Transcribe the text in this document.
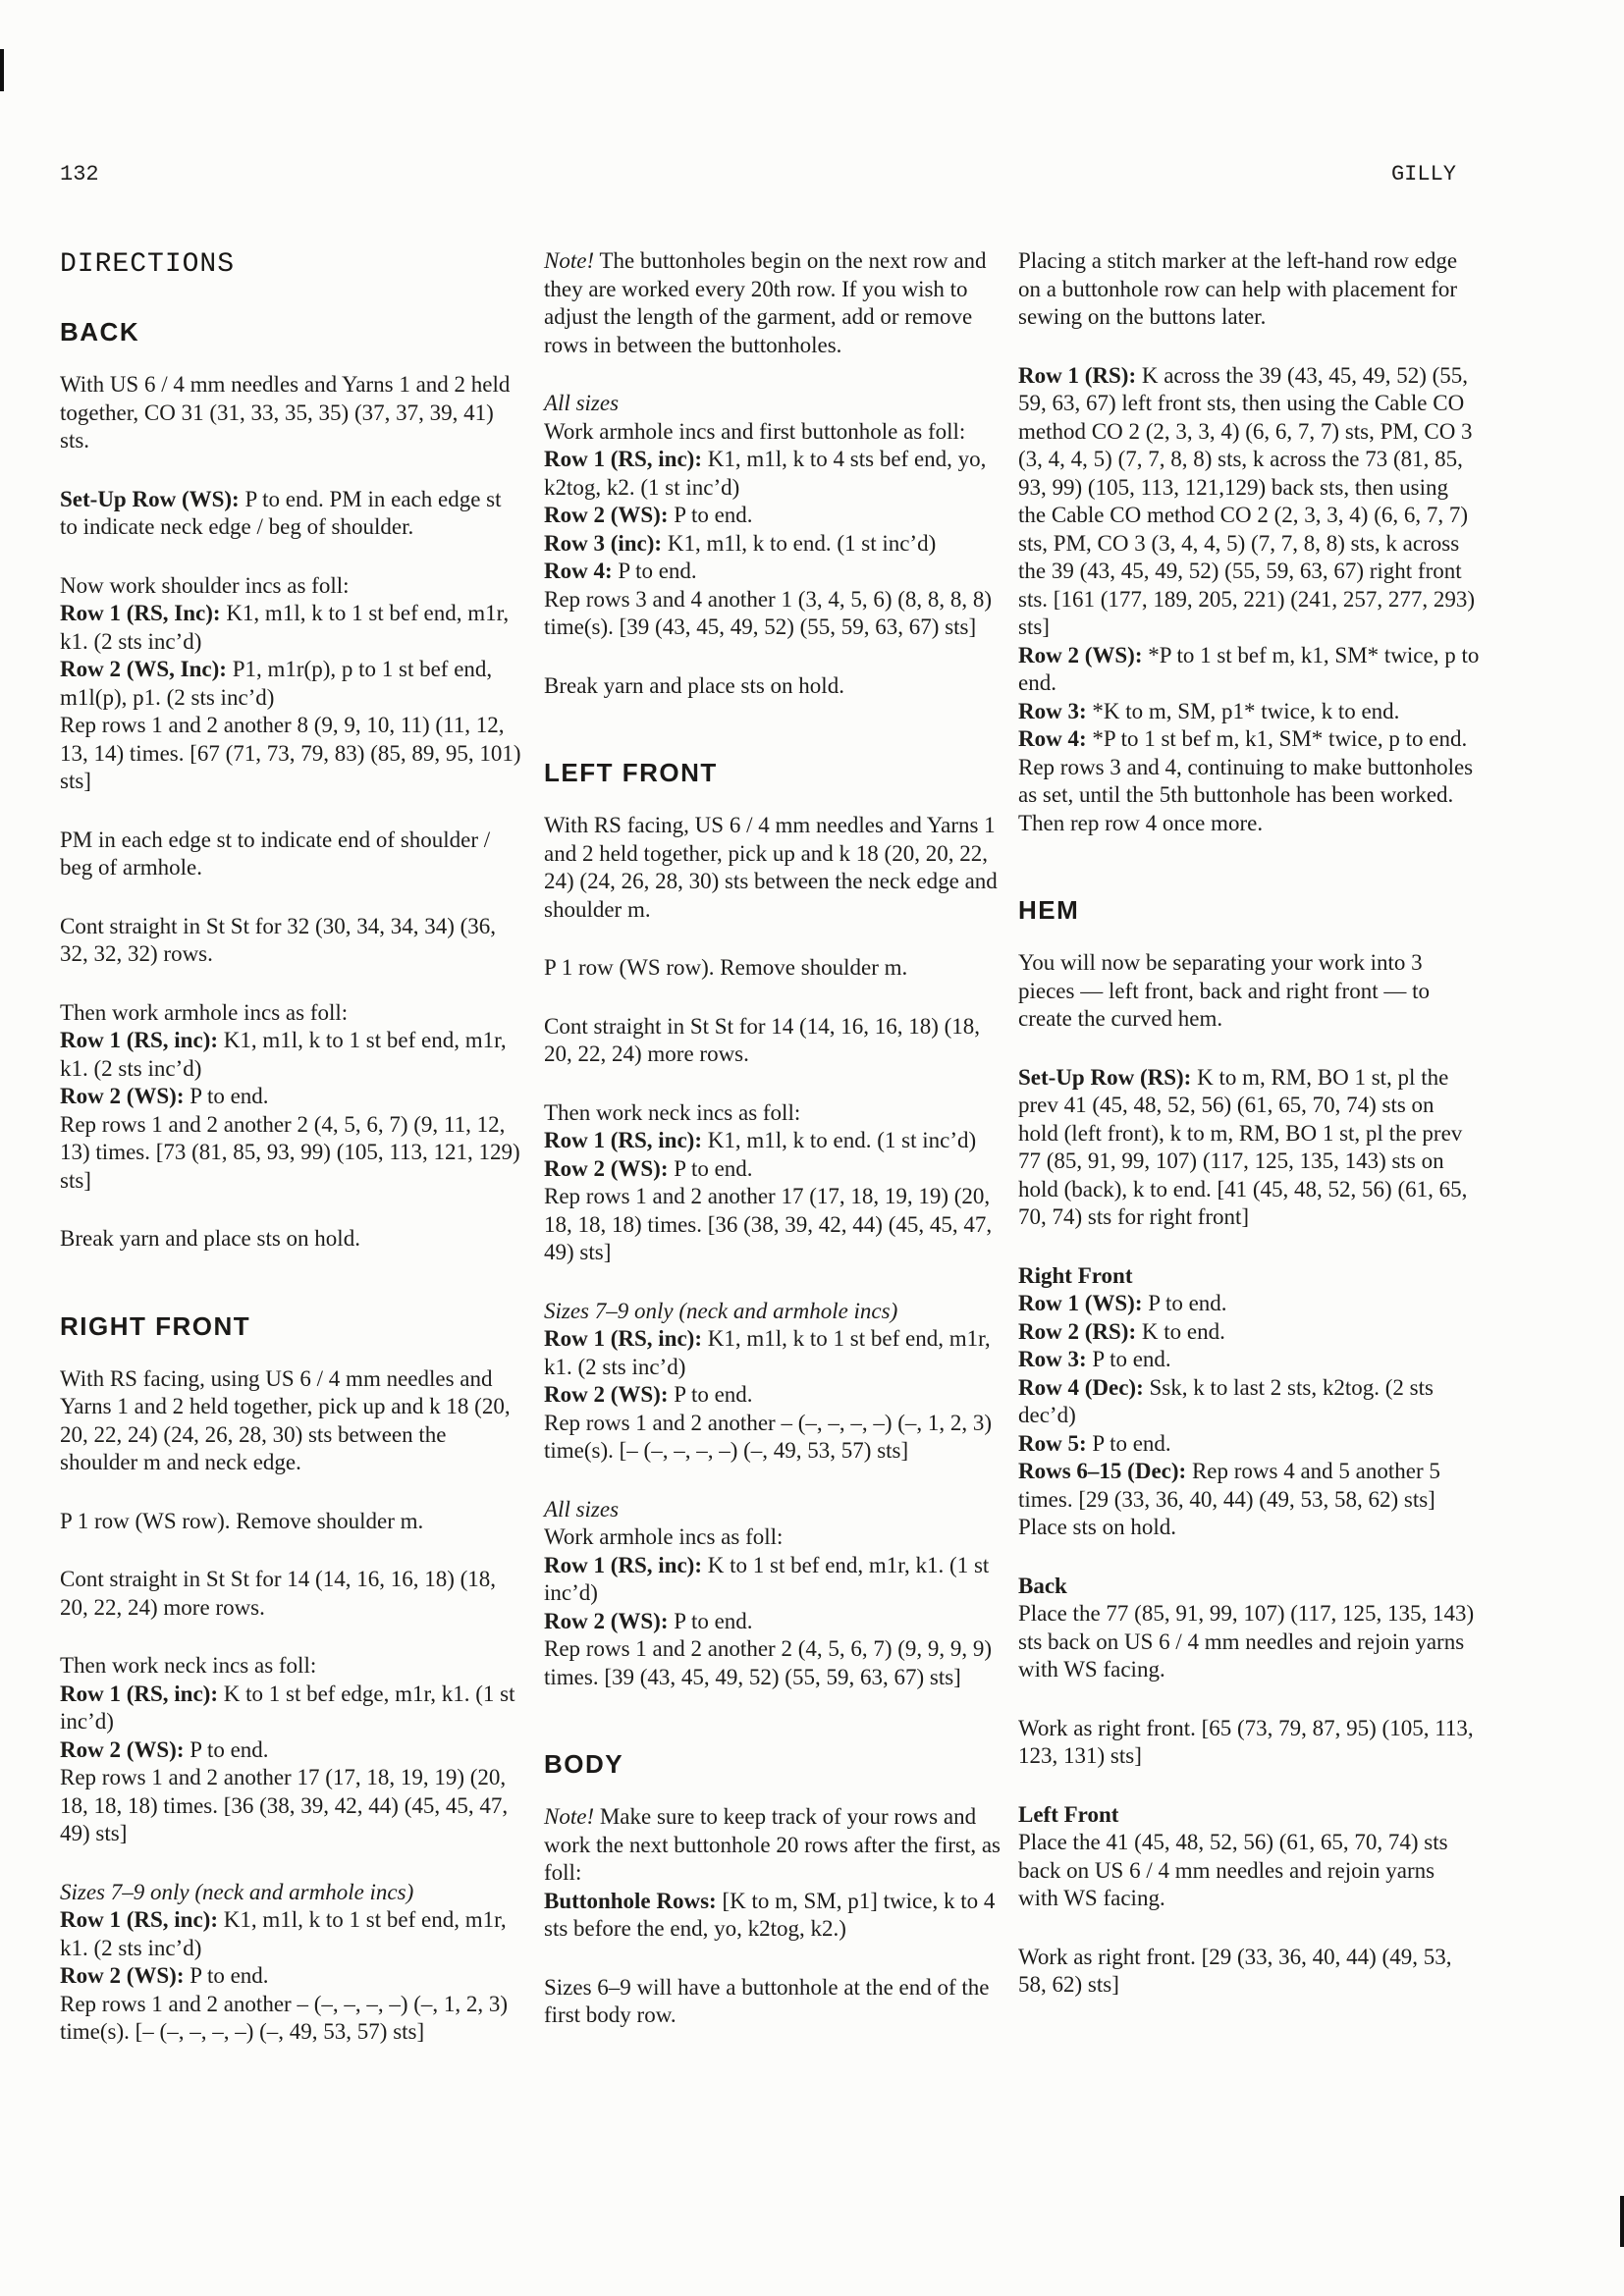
132	GILLY
DIRECTIONS
BACK
With US 6 / 4 mm needles and Yarns 1 and 2 held together, CO 31 (31, 33, 35, 35) (37, 37, 39, 41) sts.
Set-Up Row (WS): P to end. PM in each edge st to indicate neck edge / beg of shoulder.
Now work shoulder incs as foll:
Row 1 (RS, Inc): K1, m1l, k to 1 st bef end, m1r, k1. (2 sts inc’d)
Row 2 (WS, Inc): P1, m1r(p), p to 1 st bef end, m1l(p), p1. (2 sts inc’d)
Rep rows 1 and 2 another 8 (9, 9, 10, 11) (11, 12, 13, 14) times. [67 (71, 73, 79, 83) (85, 89, 95, 101) sts]
PM in each edge st to indicate end of shoulder / beg of armhole.
Cont straight in St St for 32 (30, 34, 34, 34) (36, 32, 32, 32) rows.
Then work armhole incs as foll:
Row 1 (RS, inc): K1, m1l, k to 1 st bef end, m1r, k1. (2 sts inc’d)
Row 2 (WS): P to end.
Rep rows 1 and 2 another 2 (4, 5, 6, 7) (9, 11, 12, 13) times. [73 (81, 85, 93, 99) (105, 113, 121, 129) sts]
Break yarn and place sts on hold.
RIGHT FRONT
With RS facing, using US 6 / 4 mm needles and Yarns 1 and 2 held together, pick up and k 18 (20, 20, 22, 24) (24, 26, 28, 30) sts between the shoulder m and neck edge.
P 1 row (WS row). Remove shoulder m.
Cont straight in St St for 14 (14, 16, 16, 18) (18, 20, 22, 24) more rows.
Then work neck incs as foll:
Row 1 (RS, inc): K to 1 st bef edge, m1r, k1. (1 st inc’d)
Row 2 (WS): P to end.
Rep rows 1 and 2 another 17 (17, 18, 19, 19) (20, 18, 18, 18) times. [36 (38, 39, 42, 44) (45, 45, 47, 49) sts]
Sizes 7–9 only (neck and armhole incs)
Row 1 (RS, inc): K1, m1l, k to 1 st bef end, m1r, k1. (2 sts inc’d)
Row 2 (WS): P to end.
Rep rows 1 and 2 another – (–, –, –, –) (–, 1, 2, 3) time(s). [– (–, –, –, –) (–, 49, 53, 57) sts]
Note! The buttonholes begin on the next row and they are worked every 20th row. If you wish to adjust the length of the garment, add or remove rows in between the buttonholes.
All sizes
Work armhole incs and first buttonhole as foll:
Row 1 (RS, inc): K1, m1l, k to 4 sts bef end, yo, k2tog, k2. (1 st inc’d)
Row 2 (WS): P to end.
Row 3 (inc): K1, m1l, k to end. (1 st inc’d)
Row 4: P to end.
Rep rows 3 and 4 another 1 (3, 4, 5, 6) (8, 8, 8, 8) time(s). [39 (43, 45, 49, 52) (55, 59, 63, 67) sts]
Break yarn and place sts on hold.
LEFT FRONT
With RS facing, US 6 / 4 mm needles and Yarns 1 and 2 held together, pick up and k 18 (20, 20, 22, 24) (24, 26, 28, 30) sts between the neck edge and shoulder m.
P 1 row (WS row). Remove shoulder m.
Cont straight in St St for 14 (14, 16, 16, 18) (18, 20, 22, 24) more rows.
Then work neck incs as foll:
Row 1 (RS, inc): K1, m1l, k to end. (1 st inc’d)
Row 2 (WS): P to end.
Rep rows 1 and 2 another 17 (17, 18, 19, 19) (20, 18, 18, 18) times. [36 (38, 39, 42, 44) (45, 45, 47, 49) sts]
Sizes 7–9 only (neck and armhole incs)
Row 1 (RS, inc): K1, m1l, k to 1 st bef end, m1r, k1. (2 sts inc’d)
Row 2 (WS): P to end.
Rep rows 1 and 2 another – (–, –, –, –) (–, 1, 2, 3) time(s). [– (–, –, –, –) (–, 49, 53, 57) sts]
All sizes
Work armhole incs as foll:
Row 1 (RS, inc): K to 1 st bef end, m1r, k1. (1 st inc’d)
Row 2 (WS): P to end.
Rep rows 1 and 2 another 2 (4, 5, 6, 7) (9, 9, 9, 9) times. [39 (43, 45, 49, 52) (55, 59, 63, 67) sts]
BODY
Note! Make sure to keep track of your rows and work the next buttonhole 20 rows after the first, as foll:
Buttonhole Rows: [K to m, SM, p1] twice, k to 4 sts before the end, yo, k2tog, k2.)
Sizes 6–9 will have a buttonhole at the end of the first body row.
Placing a stitch marker at the left-hand row edge on a buttonhole row can help with placement for sewing on the buttons later.
Row 1 (RS): K across the 39 (43, 45, 49, 52) (55, 59, 63, 67) left front sts, then using the Cable CO method CO 2 (2, 3, 3, 4) (6, 6, 7, 7) sts, PM, CO 3 (3, 4, 4, 5) (7, 7, 8, 8) sts, k across the 73 (81, 85, 93, 99) (105, 113, 121,129) back sts, then using the Cable CO method CO 2 (2, 3, 3, 4) (6, 6, 7, 7) sts, PM, CO 3 (3, 4, 4, 5) (7, 7, 8, 8) sts, k across the 39 (43, 45, 49, 52) (55, 59, 63, 67) right front sts. [161 (177, 189, 205, 221) (241, 257, 277, 293) sts]
Row 2 (WS): *P to 1 st bef m, k1, SM* twice, p to end.
Row 3: *K to m, SM, p1* twice, k to end.
Row 4: *P to 1 st bef m, k1, SM* twice, p to end.
Rep rows 3 and 4, continuing to make buttonholes as set, until the 5th buttonhole has been worked. Then rep row 4 once more.
HEM
You will now be separating your work into 3 pieces — left front, back and right front — to create the curved hem.
Set-Up Row (RS): K to m, RM, BO 1 st, pl the prev 41 (45, 48, 52, 56) (61, 65, 70, 74) sts on hold (left front), k to m, RM, BO 1 st, pl the prev 77 (85, 91, 99, 107) (117, 125, 135, 143) sts on hold (back), k to end. [41 (45, 48, 52, 56) (61, 65, 70, 74) sts for right front]
Right Front
Row 1 (WS): P to end.
Row 2 (RS): K to end.
Row 3: P to end.
Row 4 (Dec): Ssk, k to last 2 sts, k2tog. (2 sts dec’d)
Row 5: P to end.
Rows 6–15 (Dec): Rep rows 4 and 5 another 5 times. [29 (33, 36, 40, 44) (49, 53, 58, 62) sts]
Place sts on hold.
Back
Place the 77 (85, 91, 99, 107) (117, 125, 135, 143) sts back on US 6 / 4 mm needles and rejoin yarns with WS facing.
Work as right front. [65 (73, 79, 87, 95) (105, 113, 123, 131) sts]
Left Front
Place the 41 (45, 48, 52, 56) (61, 65, 70, 74) sts back on US 6 / 4 mm needles and rejoin yarns with WS facing.
Work as right front. [29 (33, 36, 40, 44) (49, 53, 58, 62) sts]
